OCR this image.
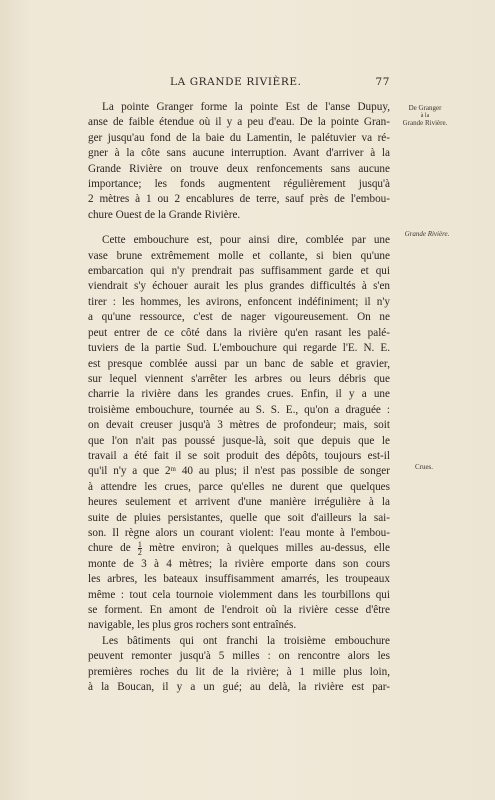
LA GRANDE RIVIÈRE.	77
De Granger
à la
Grande Rivière.
Grande Rivière.
Crues.

La pointe Granger forme la pointe Est de l'anse Dupuy,
anse de faible étendue où il y a peu d'eau. De la pointe Gran-
ger jusqu'au fond de la baie du Lamentin, le palétuvier va ré-
gner à la côte sans aucune interruption. Avant d'arriver à la
Grande Rivière on trouve deux renfoncements sans aucune
importance; les fonds augmentent régulièrement jusqu'à
2 mètres à 1 ou 2 encablures de terre, sauf près de l'embou-
chure Ouest de la Grande Rivière.

Cette embouchure est, pour ainsi dire, comblée par une
vase brune extrêmement molle et collante, si bien qu'une
embarcation qui n'y prendrait pas suffisamment garde et qui
viendrait s'y échouer aurait les plus grandes difficultés à s'en
tirer : les hommes, les avirons, enfoncent indéfiniment; il n'y
a qu'une ressource, c'est de nager vigoureusement. On ne
peut entrer de ce côté dans la rivière qu'en rasant les palé-
tuviers de la partie Sud. L'embouchure qui regarde l'E. N. E.
est presque comblée aussi par un banc de sable et gravier,
sur lequel viennent s'arrêter les arbres ou leurs débris que
charrie la rivière dans les grandes crues. Enfin, il y a une
troisième embouchure, tournée au S. S. E., qu'on a draguée :
on devait creuser jusqu'à 3 mètres de profondeur; mais, soit
que l'on n'ait pas poussé jusque-là, soit que depuis que le
travail a été fait il se soit produit des dépôts, toujours est-il
qu'il n'y a que 2ᵐ 40 au plus; il n'est pas possible de songer
à attendre les crues, parce qu'elles ne durent que quelques
heures seulement et arrivent d'une manière irrégulière à la
suite de pluies persistantes, quelle que soit d'ailleurs la sai-
son. Il règne alors un courant violent: l'eau monte à l'embou-
chure de $\frac{1}{2}$ mètre environ; à quelques milles au-dessus, elle
monte de 3 à 4 mètres; la rivière emporte dans son cours
les arbres, les bateaux insuffisamment amarrés, les troupeaux
même : tout cela tournoie violemment dans les tourbillons qui
se forment. En amont de l'endroit où la rivière cesse d'être
navigable, les plus gros rochers sont entraînés.

Les bâtiments qui ont franchi la troisième embouchure
peuvent remonter jusqu'à 5 milles : on rencontre alors les
premières roches du lit de la rivière; à 1 mille plus loin,
à la Boucan, il y a un gué; au delà, la rivière est par-
